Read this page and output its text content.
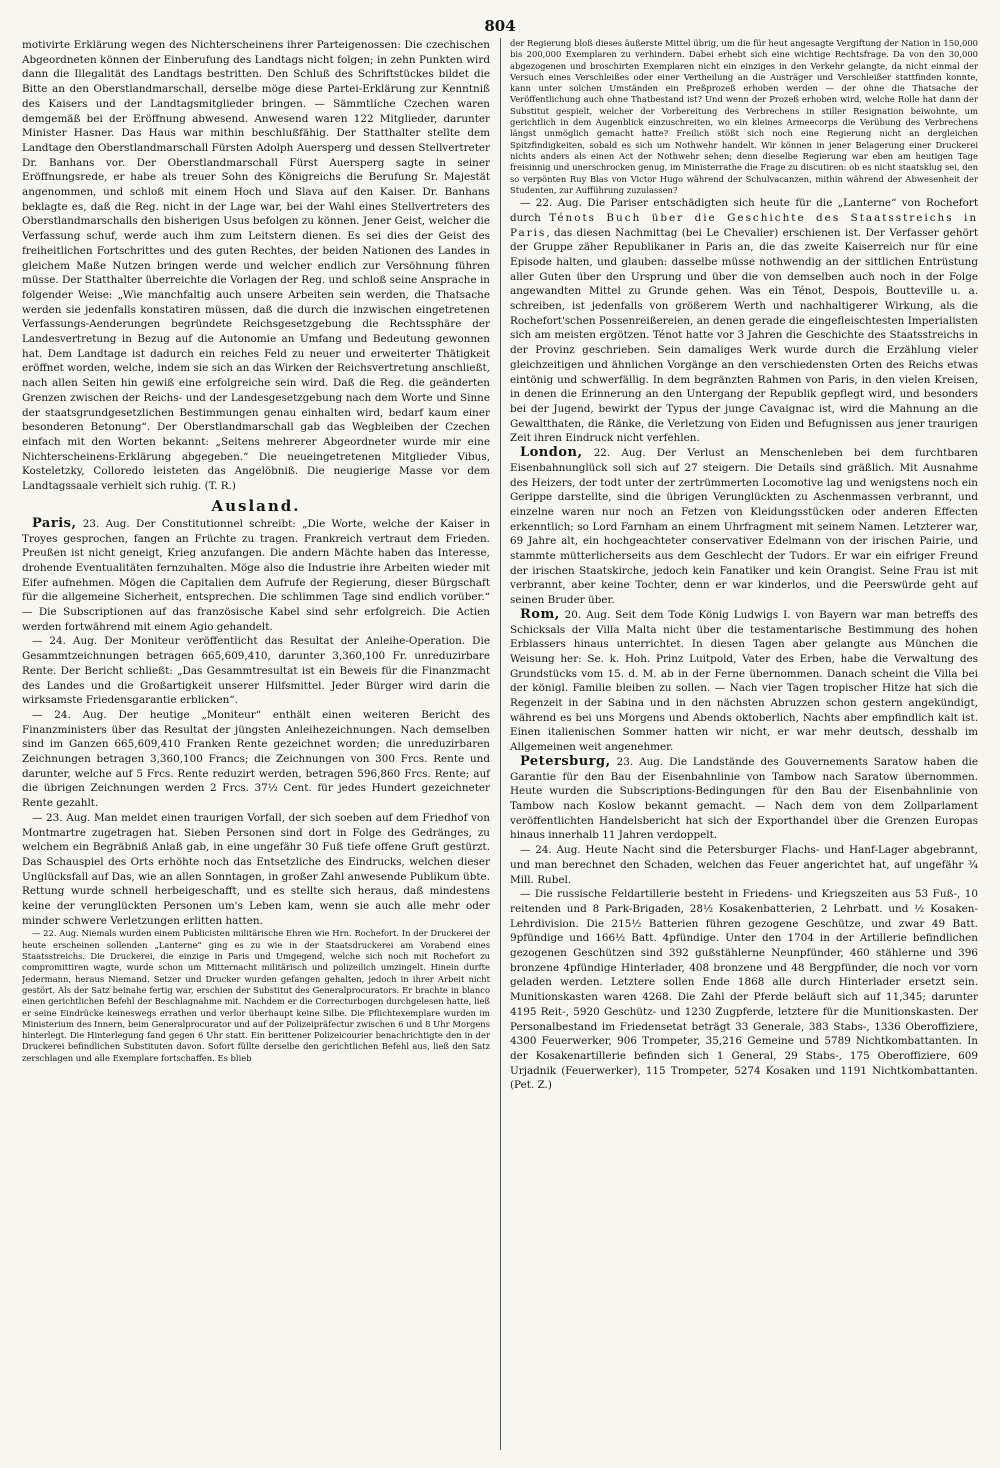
804

motivirte Erklärung wegen des Nichterscheinens ihrer Parteigenossen: Die czechischen Abgeordneten können der Einberufung des Landtags nicht folgen; in zehn Punkten wird dann die Illegalität des Landtags bestritten. Den Schluß des Schriftstückes bildet die Bitte an den Oberstlandmarschall, derselbe möge diese Partei-Erklärung zur Kenntniß des Kaisers und der Landtagsmitglieder bringen. — Sämmtliche Czechen waren demgemäß bei der Eröffnung abwesend. Anwesend waren 122 Mitglieder, darunter Minister Hasner. Das Haus war mithin beschlußfähig. Der Statthalter stellte dem Landtage den Oberstlandmarschall Fürsten Adolph Auersperg und dessen Stellvertreter Dr. Banhans vor. Der Oberstlandmarschall Fürst Auersperg sagte in seiner Eröffnungsrede, er habe als treuer Sohn des Königreichs die Berufung Sr. Majestät angenommen, und schloß mit einem Hoch und Slava auf den Kaiser. Dr. Banhans beklagte es, daß die Reg. nicht in der Lage war, bei der Wahl eines Stellvertreters des Oberstlandmarschalls den bisherigen Usus befolgen zu können. Jener Geist, welcher die Verfassung schuf, werde auch ihm zum Leitstern dienen. Es sei dies der Geist des freiheitlichen Fortschrittes und des guten Rechtes, der beiden Nationen des Landes in gleichem Maße Nutzen bringen werde und welcher endlich zur Versöhnung führen müsse. Der Statthalter überreichte die Vorlagen der Reg. und schloß seine Ansprache in folgender Weise: „Wie manchfaltig auch unsere Arbeiten sein werden, die Thatsache werden sie jedenfalls konstatiren müssen, daß die durch die inzwischen eingetretenen Verfassungs-Aenderungen begründete Reichsgesetzgebung die Rechtssphäre der Landesvertretung in Bezug auf die Autonomie an Umfang und Bedeutung gewonnen hat. Dem Landtage ist dadurch ein reiches Feld zu neuer und erweiterter Thätigkeit eröffnet worden, welche, indem sie sich an das Wirken der Reichsvertretung anschließt, nach allen Seiten hin gewiß eine erfolgreiche sein wird. Daß die Reg. die geänderten Grenzen zwischen der Reichs- und der Landesgesetzgebung nach dem Worte und Sinne der staatsgrundgesetzlichen Bestimmungen genau einhalten wird, bedarf kaum einer besonderen Betonung“. Der Oberstlandmarschall gab das Wegbleiben der Czechen einfach mit den Worten bekannt: „Seitens mehrerer Abgeordneter wurde mir eine Nichterscheinens-Erklärung abgegeben.“ Die neueingetretenen Mitglieder Vibus, Kosteletzky, Colloredo leisteten das Angelöbniß. Die neugierige Masse vor dem Landtagssaale verhielt sich ruhig. (T. R.)

Ausland.

Paris, 23. Aug. Der Constitutionnel schreibt: „Die Worte, welche der Kaiser in Troyes gesprochen, fangen an Früchte zu tragen. Frankreich vertraut dem Frieden. Preußen ist nicht geneigt, Krieg anzufangen. Die andern Mächte haben das Interesse, drohende Eventualitäten fernzuhalten. Möge also die Industrie ihre Arbeiten wieder mit Eifer aufnehmen. Mögen die Capitalien dem Aufrufe der Regierung, dieser Bürgschaft für die allgemeine Sicherheit, entsprechen. Die schlimmen Tage sind endlich vorüber.“ — Die Subscriptionen auf das französische Kabel sind sehr erfolgreich. Die Actien werden fortwährend mit einem Agio gehandelt.

— 24. Aug. Der Moniteur veröffentlicht das Resultat der Anleihe-Operation. Die Gesammtzeichnungen betragen 665,609,410, darunter 3,360,100 Fr. unreduzirbare Rente. Der Bericht schließt: „Das Gesammtresultat ist ein Beweis für die Finanzmacht des Landes und die Großartigkeit unserer Hilfsmittel. Jeder Bürger wird darin die wirksamste Friedensgarantie erblicken“.

— 24. Aug. Der heutige „Moniteur“ enthält einen weiteren Bericht des Finanzministers über das Resultat der jüngsten Anleihezeichnungen. Nach demselben sind im Ganzen 665,609,410 Franken Rente gezeichnet worden; die unreduzirbaren Zeichnungen betragen 3,360,100 Francs; die Zeichnungen von 300 Frcs. Rente und darunter, welche auf 5 Frcs. Rente reduzirt werden, betragen 596,860 Frcs. Rente; auf die übrigen Zeichnungen werden 2 Frcs. 37½ Cent. für jedes Hundert gezeichneter Rente gezahlt.

— 23. Aug. Man meldet einen traurigen Vorfall, der sich soeben auf dem Friedhof von Montmartre zugetragen hat. Sieben Personen sind dort in Folge des Gedränges, zu welchem ein Begräbniß Anlaß gab, in eine ungefähr 30 Fuß tiefe offene Gruft gestürzt. Das Schauspiel des Orts erhöhte noch das Entsetzliche des Eindrucks, welchen dieser Unglücksfall auf Das, wie an allen Sonntagen, in großer Zahl anwesende Publikum übte. Rettung wurde schnell herbeigeschafft, und es stellte sich heraus, daß mindestens keine der verunglückten Personen um's Leben kam, wenn sie auch alle mehr oder minder schwere Verletzungen erlitten hatten.

— 22. Aug. Niemals wurden einem Publicisten militärische Ehren wie Hrn. Rochefort. In der Druckerei der heute erscheinen sollenden „Lanterne“ ging es zu wie in der Staatsdruckerei am Vorabend eines Staatsstreichs. Die Druckerei, die einzige in Paris und Umgegend, welche sich noch mit Rochefort zu compromittiren wagte, wurde schon um Mitternacht militärisch und polizeilich umzingelt. Hinein durfte Jedermann, heraus Niemand. Setzer und Drucker wurden gefangen gehalten, jedoch in ihrer Arbeit nicht gestört. Als der Satz beinahe fertig war, erschien der Substitut des Generalprocurators. Er brachte in blanco einen gerichtlichen Befehl der Beschlagnahme mit. Nachdem er die Correcturbogen durchgelesen hatte, ließ er seine Eindrücke keineswegs errathen und verlor überhaupt keine Silbe. Die Pflichtexemplare wurden im Ministerium des Innern, beim Generalprocurator und auf der Polizeipräfectur zwischen 6 und 8 Uhr Morgens hinterlegt. Die Hinterlegung fand gegen 6 Uhr statt. Ein berittener Polizeicourier benachrichtigte den in der Druckerei befindlichen Substituten davon. Sofort füllte derselbe den gerichtlichen Befehl aus, ließ den Satz zerschlagen und alle Exemplare fortschaffen. Es blieb

der Regierung bloß dieses äußerste Mittel übrig, um die für heut angesagte Vergiftung der Nation in 150,000 bis 200,000 Exemplaren zu verhindern. Dabei erhebt sich eine wichtige Rechtsfrage. Da von den 30,000 abgezogenen und broschirten Exemplaren nicht ein einziges in den Verkehr gelangte, da nicht einmal der Versuch eines Verschleißes oder einer Vertheilung an die Austräger und Verschleißer stattfinden konnte, kann unter solchen Umständen ein Preßprozeß erhoben werden — der ohne die Thatsache der Veröffentlichung auch ohne Thatbestand ist? Und wenn der Prozeß erhoben wird, welche Rolle hat dann der Substitut gespielt, welcher der Vorbereitung des Verbrechens in stiller Resignation beiwohnte, um gerichtlich in dem Augenblick einzuschreiten, wo ein kleines Armeecorps die Verübung des Verbrechens längst unmöglich gemacht hatte? Freilich stößt sich noch eine Regierung nicht an dergleichen Spitzfindigkeiten, sobald es sich um Nothwehr handelt. Wir können in jener Belagerung einer Druckerei nichts anders als einen Act der Nothwehr sehen; denn dieselbe Regierung war eben am heutigen Tage freisinnig und unerschrocken genug, im Ministerrathe die Frage zu discutiren: ob es nicht staatsklug sei, den so verpönten Ruy Blas von Victor Hugo während der Schulvacanzen, mithin während der Abwesenheit der Studenten, zur Aufführung zuzulassen?

— 22. Aug. Die Pariser entschädigten sich heute für die „Lanterne“ von Rochefort durch Ténots Buch über die Geschichte des Staatsstreichs in Paris, das diesen Nachmittag (bei Le Chevalier) erschienen ist. Der Verfasser gehört der Gruppe zäher Republikaner in Paris an, die das zweite Kaiserreich nur für eine Episode halten, und glauben: dasselbe müsse nothwendig an der sittlichen Entrüstung aller Guten über den Ursprung und über die von demselben auch noch in der Folge angewandten Mittel zu Grunde gehen. Was ein Ténot, Despois, Boutteville u. a. schreiben, ist jedenfalls von größerem Werth und nachhaltigerer Wirkung, als die Rochefort'schen Possenreißereien, an denen gerade die eingefleischtesten Imperialisten sich am meisten ergötzen. Ténot hatte vor 3 Jahren die Geschichte des Staatsstreichs in der Provinz geschrieben. Sein damaliges Werk wurde durch die Erzählung vieler gleichzeitigen und ähnlichen Vorgänge an den verschiedensten Orten des Reichs etwas eintönig und schwerfällig. In dem begränzten Rahmen von Paris, in den vielen Kreisen, in denen die Erinnerung an den Untergang der Republik gepflegt wird, und besonders bei der Jugend, bewirkt der Typus der junge Cavaignac ist, wird die Mahnung an die Gewaltthaten, die Ränke, die Verletzung von Eiden und Befugnissen aus jener traurigen Zeit ihren Eindruck nicht verfehlen.

London, 22. Aug. Der Verlust an Menschenleben bei dem furchtbaren Eisenbahnunglück soll sich auf 27 steigern. Die Details sind gräßlich. Mit Ausnahme des Heizers, der todt unter der zertrümmerten Locomotive lag und wenigstens noch ein Gerippe darstellte, sind die übrigen Verunglückten zu Aschenmassen verbrannt, und einzelne waren nur noch an Fetzen von Kleidungsstücken oder anderen Effecten erkenntlich; so Lord Farnham an einem Uhrfragment mit seinem Namen. Letzterer war, 69 Jahre alt, ein hochgeachteter conservativer Edelmann von der irischen Pairie, und stammte mütterlicherseits aus dem Geschlecht der Tudors. Er war ein eifriger Freund der irischen Staatskirche, jedoch kein Fanatiker und kein Orangist. Seine Frau ist mit verbrannt, aber keine Tochter, denn er war kinderlos, und die Peerswürde geht auf seinen Bruder über.

Rom, 20. Aug. Seit dem Tode König Ludwigs I. von Bayern war man betreffs des Schicksals der Villa Malta nicht über die testamentarische Bestimmung des hohen Erblassers hinaus unterrichtet. In diesen Tagen aber gelangte aus München die Weisung her: Se. k. Hoh. Prinz Luitpold, Vater des Erben, habe die Verwaltung des Grundstücks vom 15. d. M. ab in der Ferne übernommen. Danach scheint die Villa bei der königl. Familie bleiben zu sollen. — Nach vier Tagen tropischer Hitze hat sich die Regenzeit in der Sabina und in den nächsten Abruzzen schon gestern angekündigt, während es bei uns Morgens und Abends oktoberlich, Nachts aber empfindlich kalt ist. Einen italienischen Sommer hatten wir nicht, er war mehr deutsch, desshalb im Allgemeinen weit angenehmer.

Petersburg, 23. Aug. Die Landstände des Gouvernements Saratow haben die Garantie für den Bau der Eisenbahnlinie von Tambow nach Saratow übernommen. Heute wurden die Subscriptions-Bedingungen für den Bau der Eisenbahnlinie von Tambow nach Koslow bekannt gemacht. — Nach dem von dem Zollparlament veröffentlichten Handelsbericht hat sich der Exporthandel über die Grenzen Europas hinaus innerhalb 11 Jahren verdoppelt.

— 24. Aug. Heute Nacht sind die Petersburger Flachs- und Hanf-Lager abgebrannt, und man berechnet den Schaden, welchen das Feuer angerichtet hat, auf ungefähr ¾ Mill. Rubel.

— Die russische Feldartillerie besteht in Friedens- und Kriegszeiten aus 53 Fuß-, 10 reitenden und 8 Park-Brigaden, 28½ Kosakenbatterien, 2 Lehrbatt. und ½ Kosaken-Lehrdivision. Die 215½ Batterien führen gezogene Geschütze, und zwar 49 Batt. 9pfündige und 166½ Batt. 4pfündige. Unter den 1704 in der Artillerie befindlichen gezogenen Geschützen sind 392 gußstählerne Neunpfünder, 460 stählerne und 396 bronzene 4pfündige Hinterlader, 408 bronzene und 48 Bergpfünder, die noch vor vorn geladen werden. Letztere sollen Ende 1868 alle durch Hinterlader ersetzt sein. Munitionskasten waren 4268. Die Zahl der Pferde beläuft sich auf 11,345; darunter 4195 Reit-, 5920 Geschütz- und 1230 Zugpferde, letztere für die Munitionskasten. Der Personalbestand im Friedensetat beträgt 33 Generale, 383 Stabs-, 1336 Oberoffiziere, 4300 Feuerwerker, 906 Trompeter, 35,216 Gemeine und 5789 Nichtkombattanten. In der Kosakenartillerie befinden sich 1 General, 29 Stabs-, 175 Oberoffiziere, 609 Urjadnik (Feuerwerker), 115 Trompeter, 5274 Kosaken und 1191 Nichtkombattanten. (Pet. Z.)
